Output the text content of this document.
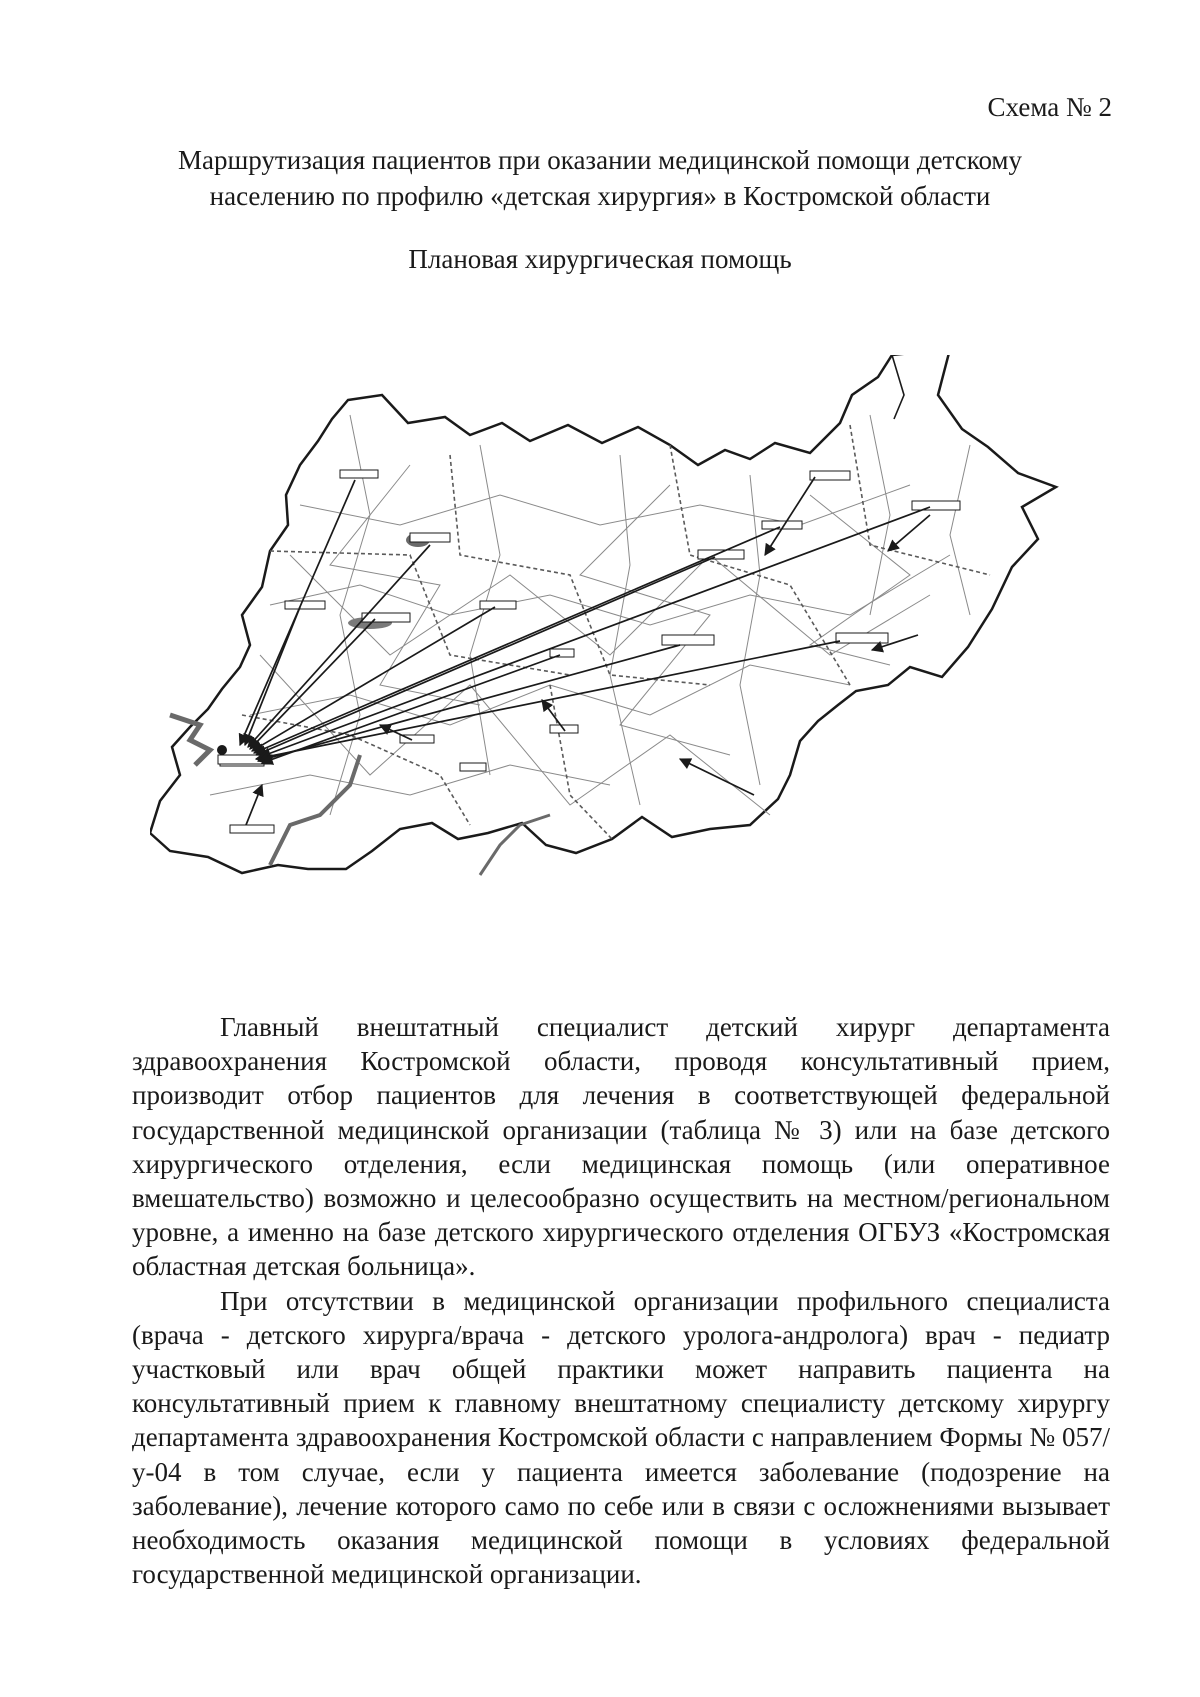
Схема № 2
Маршрутизация пациентов при оказании медицинской помощи детскому
населению по профилю «детская хирургия» в Костромской области
Плановая хирургическая помощь

Главный внештатный специалист детский хирург департамента здравоохранения Костромской области, проводя консультативный прием, производит отбор пациентов для лечения в соответствующей федеральной государственной медицинской организации (таблица № 3) или на базе детского хирургического отделения, если медицинская помощь (или оперативное вмешательство) возможно и целесообразно осуществить на местном/региональном уровне, а именно на базе детского хирургического отделения ОГБУЗ «Костромская областная детская больница».

При отсутствии в медицинской организации профильного специалиста (врача - детского хирурга/врача - детского уролога-андролога) врач - педиатр участковый или врач общей практики может направить пациента на консультативный прием к главному внештатному специалисту детскому хирургу департамента здравоохранения Костромской области с направлением Формы № 057/у-04 в том случае, если у пациента имеется заболевание (подозрение на заболевание), лечение которого само по себе или в связи с осложнениями вызывает необходимость оказания медицинской помощи в условиях федеральной государственной медицинской организации.
